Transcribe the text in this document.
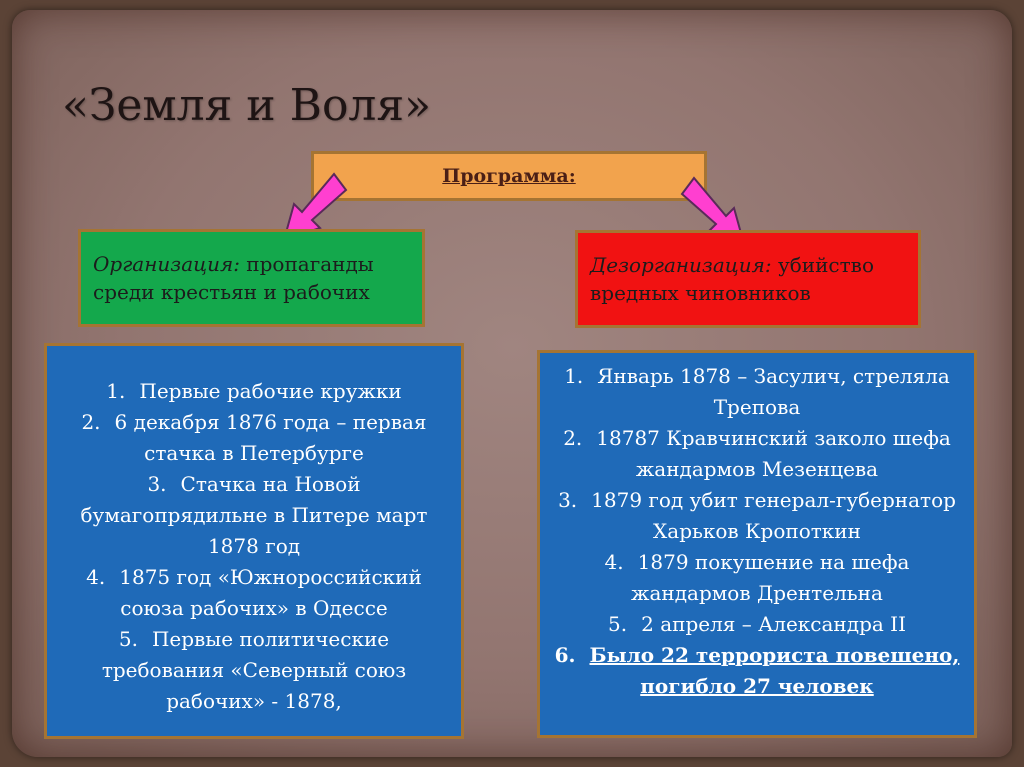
«Земля и Воля»
Программа:
Организация: пропаганды среди крестьян и рабочих
Дезорганизация: убийство вредных чиновников
1. Первые рабочие кружки
2. 6 декабря 1876 года – первая стачка в Петербурге
3. Стачка на Новой бумагопрядильне в Питере март 1878 год
4. 1875 год «Южнороссийский союза рабочих» в Одессе
5. Первые политические требования «Северный союз рабочих» - 1878,
1. Январь 1878 – Засулич, стреляла Трепова
2. 18787 Кравчинский заколо шефа жандармов Мезенцева
3. 1879 год убит генерал-губернатор Харьков Кропоткин
4. 1879 покушение на шефа жандармов Дрентельна
5. 2 апреля – Александра II
6. Было 22 террориста повешено, погибло 27 человек
